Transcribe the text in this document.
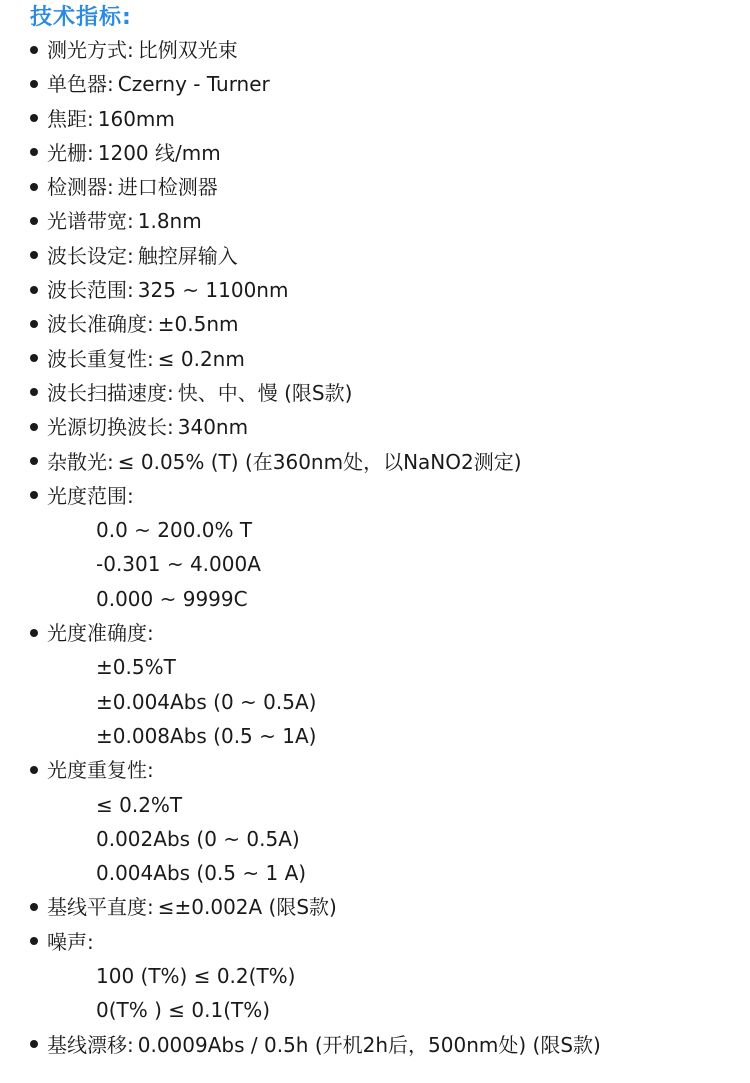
技术指标:
测光方式: 比例双光束
单色器: Czerny - Turner
焦距: 160mm
光栅: 1200 线/mm
检测器: 进口检测器
光谱带宽: 1.8nm
波长设定: 触控屏输入
波长范围: 325 ~ 1100nm
波长准确度: ±0.5nm
波长重复性: ≤ 0.2nm
波长扫描速度: 快、中、慢 (限S款)
光源切换波长: 340nm
杂散光: ≤ 0.05% (T) (在360nm处，以NaNO2测定)
光度范围:
0.0 ~ 200.0% T
-0.301 ~ 4.000A
0.000 ~ 9999C
光度准确度:
±0.5%T
±0.004Abs (0 ~ 0.5A)
±0.008Abs (0.5 ~ 1A)
光度重复性:
≤ 0.2%T
0.002Abs (0 ~ 0.5A)
0.004Abs (0.5 ~ 1 A)
基线平直度: ≤±0.002A (限S款)
噪声:
100 (T%) ≤ 0.2(T%)
0(T% ) ≤ 0.1(T%)
基线漂移: 0.0009Abs / 0.5h (开机2h后，500nm处) (限S款)
